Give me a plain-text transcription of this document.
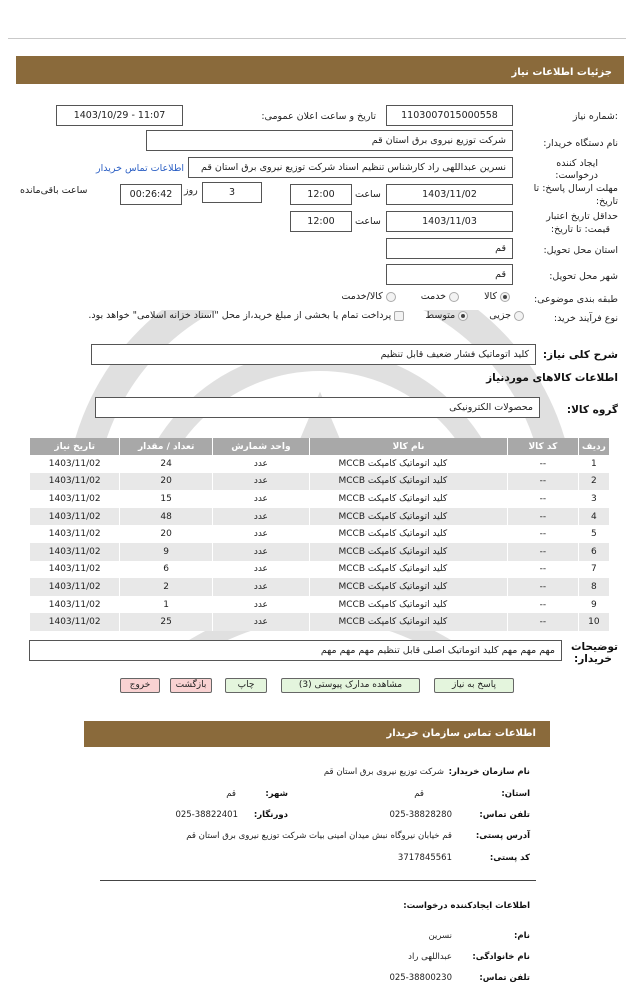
جزئیات اطلاعات نیاز
شماره نیاز:
1103007015000558
تاریخ و ساعت اعلان عمومی:
1403/10/29 - 11:07
نام دستگاه خریدار:
شرکت توزیع نیروی برق استان قم
ایجاد کننده
درخواست:
نسرین عبداللهی راد کارشناس تنظیم اسناد شرکت توزیع نیروی برق استان قم
اطلاعات تماس خریدار
مهلت ارسال پاسخ: تا
تاریخ:
1403/11/02
ساعت
12:00
3
روز
00:26:42
ساعت باقی‌مانده
حداقل تاریخ اعتبار
قیمت: تا تاریخ:
1403/11/03
ساعت
12:00
استان محل تحویل:
قم
شهر محل تحویل:
قم
طبقه بندی موضوعی:
کالا  خدمت  کالا/خدمت
نوع فرآیند خرید:
جزیی  متوسط  پرداخت تمام یا بخشی از مبلغ خرید،از محل "اسناد خزانه اسلامی" خواهد بود.
شرح کلی نیاز:
کلید اتوماتیک فشار ضعیف قابل تنظیم
اطلاعات کالاهای موردنیاز
گروه کالا:
محصولات الکترونیکی
ردیف	کد کالا	نام کالا	واحد شمارش	تعداد / مقدار	تاریخ نیاز
1	--	کلید اتوماتیک کامپکت MCCB	عدد	24	1403/11/02
2	--	کلید اتوماتیک کامپکت MCCB	عدد	20	1403/11/02
3	--	کلید اتوماتیک کامپکت MCCB	عدد	15	1403/11/02
4	--	کلید اتوماتیک کامپکت MCCB	عدد	48	1403/11/02
5	--	کلید اتوماتیک کامپکت MCCB	عدد	20	1403/11/02
6	--	کلید اتوماتیک کامپکت MCCB	عدد	9	1403/11/02
7	--	کلید اتوماتیک کامپکت MCCB	عدد	6	1403/11/02
8	--	کلید اتوماتیک کامپکت MCCB	عدد	2	1403/11/02
9	--	کلید اتوماتیک کامپکت MCCB	عدد	1	1403/11/02
10	--	کلید اتوماتیک کامپکت MCCB	عدد	25	1403/11/02
توضیحات
خریدار:
مهم مهم مهم کلید اتوماتیک اصلی قابل تنظیم مهم مهم مهم
پاسخ به نیاز
مشاهده مدارک پیوستی (3)
چاپ
بازگشت
خروج
اطلاعات تماس سازمان خریدار
نام سازمان خریدار:
شرکت توزیع نیروی برق استان قم
استان:
قم
شهر:
قم
تلفن تماس:
025-38828280
دورنگار:
025-38822401
آدرس پستی:
قم خیابان نیروگاه نبش میدان امینی بیات شرکت توزیع نیروی برق استان قم
کد پستی:
3717845561
اطلاعات ایجادکننده درخواست:
نام:
نسرین
نام خانوادگی:
عبداللهی راد
تلفن تماس:
025-38800230
